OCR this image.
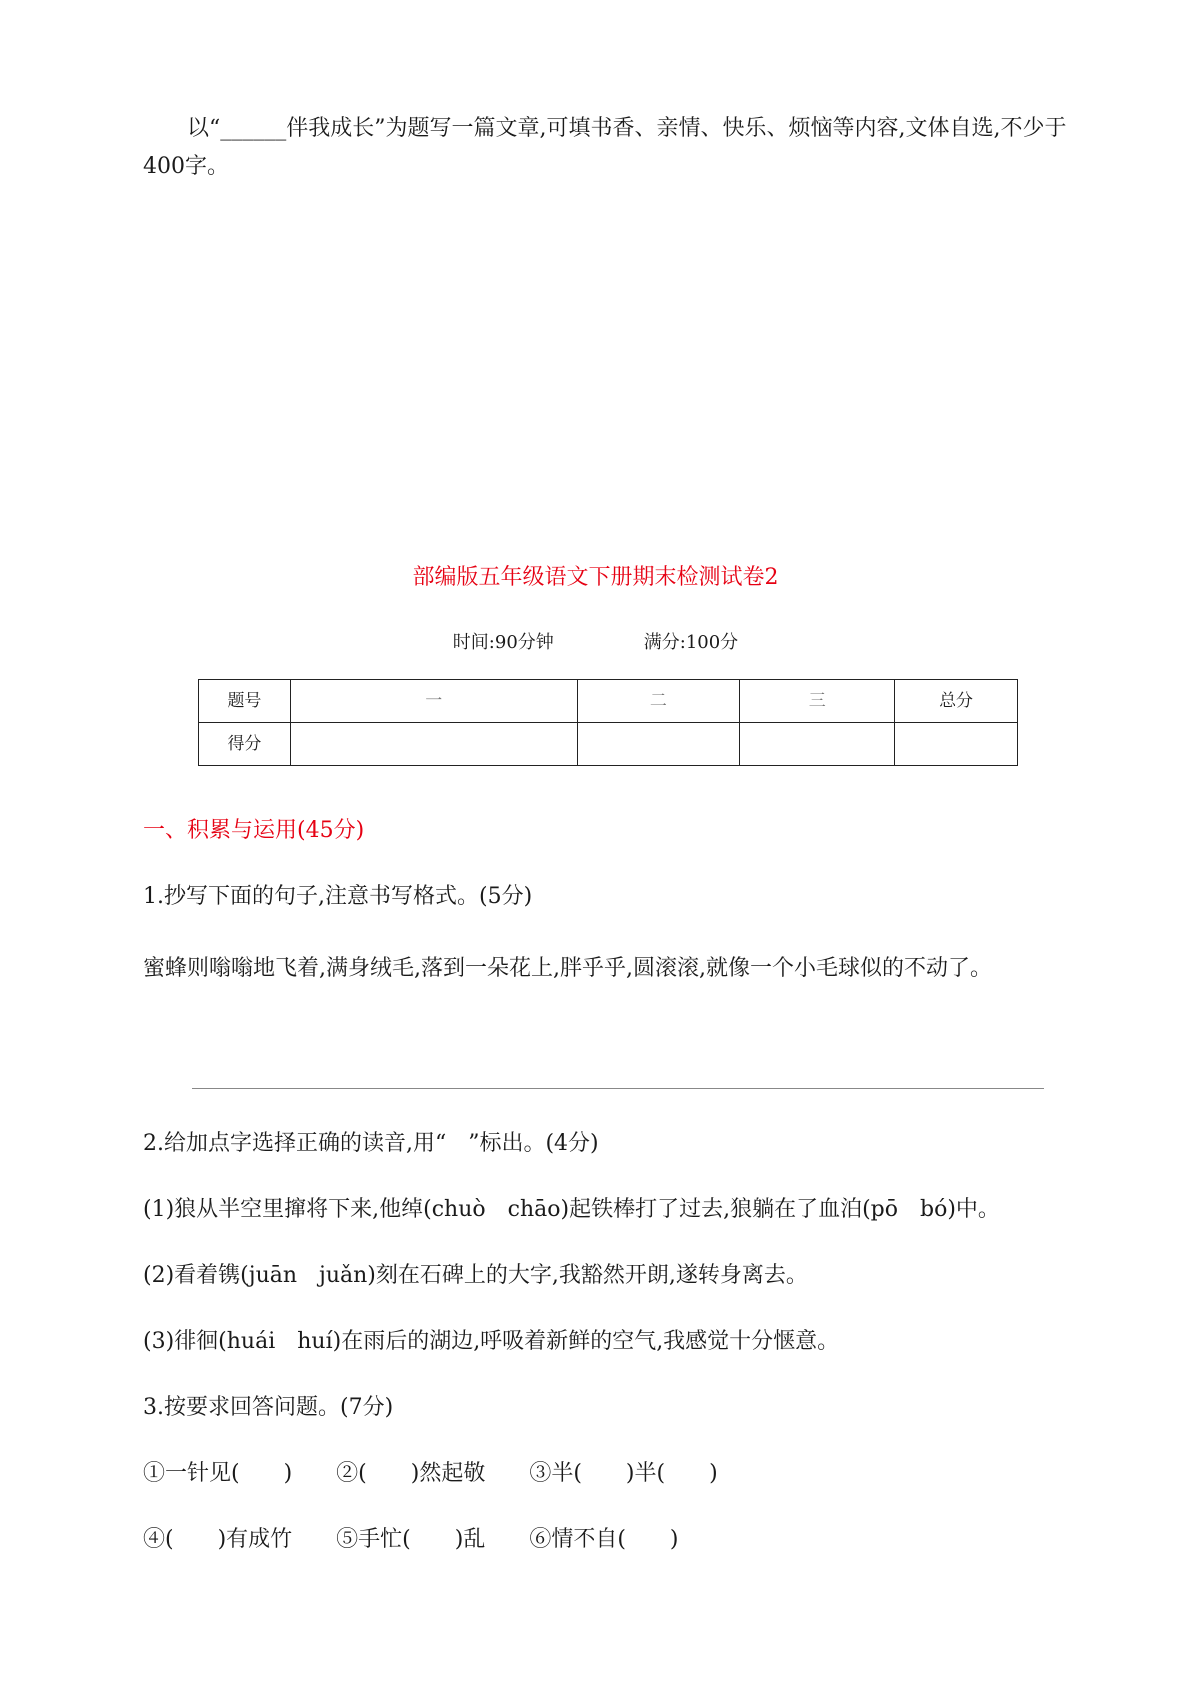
以“______伴我成长”为题写一篇文章,可填书香、亲情、快乐、烦恼等内容,文体自选,不少于400字。

部编版五年级语文下册期末检测试卷2

时间:90分钟	满分:100分

题号	一	二	三	总分
得分				

一、积累与运用(45分)

1.抄写下面的句子,注意书写格式。(5分)

蜜蜂则嗡嗡地飞着,满身绒毛,落到一朵花上,胖乎乎,圆滚滚,就像一个小毛球似的不动了。

2.给加点字选择正确的读音,用“　”标出。(4分)

(1)狼从半空里撺将下来,他绰(chuò　chāo)起铁棒打了过去,狼躺在了血泊(pō　bó)中。

(2)看着镌(juān　juǎn)刻在石碑上的大字,我豁然开朗,遂转身离去。

(3)徘徊(huái　huí)在雨后的湖边,呼吸着新鲜的空气,我感觉十分惬意。

3.按要求回答问题。(7分)

①一针见(　　)　　②(　　)然起敬　　③半(　　)半(　　)

④(　　)有成竹　　⑤手忙(　　)乱　　⑥情不自(　　)
